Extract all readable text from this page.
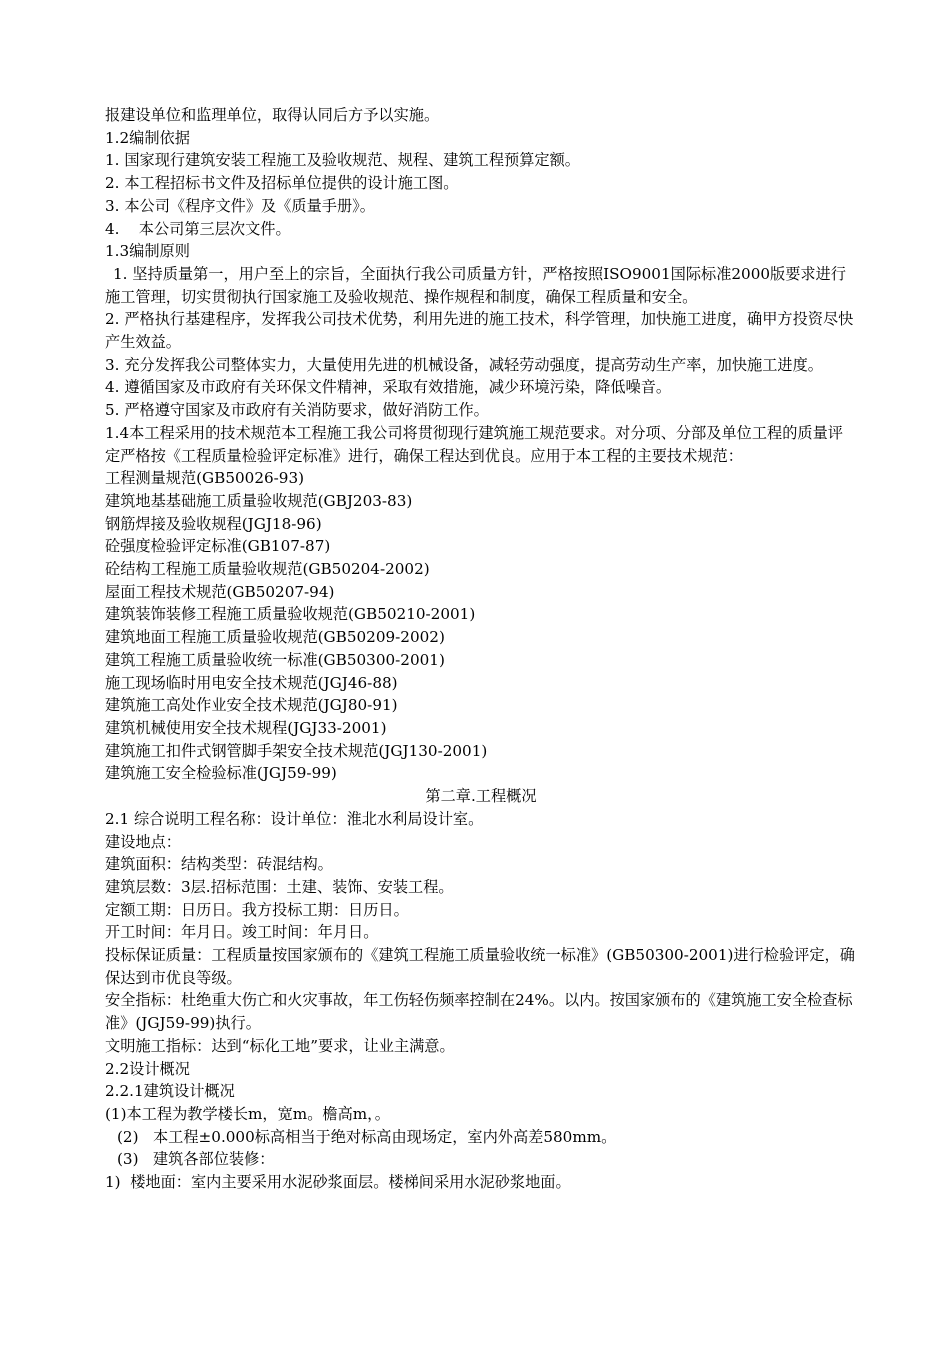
报建设单位和监理单位，取得认同后方予以实施。

1.2编制依据

1. 国家现行建筑安装工程施工及验收规范、规程、建筑工程预算定额。

2. 本工程招标书文件及招标单位提供的设计施工图。

3. 本公司《程序文件》及《质量手册》。

4.    本公司第三层次文件。

1.3编制原则

1. 坚持质量第一，用户至上的宗旨，全面执行我公司质量方针，严格按照ISO9001国际标准2000版要求进行施工管理，切实贯彻执行国家施工及验收规范、操作规程和制度，确保工程质量和安全。

2. 严格执行基建程序，发挥我公司技术优势，利用先进的施工技术，科学管理，加快施工进度，确甲方投资尽快产生效益。

3. 充分发挥我公司整体实力，大量使用先进的机械设备，减轻劳动强度，提高劳动生产率，加快施工进度。

4. 遵循国家及市政府有关环保文件精神，采取有效措施，减少环境污染，降低噪音。

5. 严格遵守国家及市政府有关消防要求，做好消防工作。

1.4本工程采用的技术规范本工程施工我公司将贯彻现行建筑施工规范要求。对分项、分部及单位工程的质量评定严格按《工程质量检验评定标准》进行，确保工程达到优良。应用于本工程的主要技术规范：

工程测量规范(GB50026-93)

建筑地基基础施工质量验收规范(GBJ203-83)

钢筋焊接及验收规程(JGJ18-96)

砼强度检验评定标准(GB107-87)

砼结构工程施工质量验收规范(GB50204-2002)

屋面工程技术规范(GB50207-94)

建筑装饰装修工程施工质量验收规范(GB50210-2001)

建筑地面工程施工质量验收规范(GB50209-2002)

建筑工程施工质量验收统一标准(GB50300-2001)

施工现场临时用电安全技术规范(JGJ46-88)

建筑施工高处作业安全技术规范(JGJ80-91)

建筑机械使用安全技术规程(JGJ33-2001)

建筑施工扣件式钢管脚手架安全技术规范(JGJ130-2001)

建筑施工安全检验标准(JGJ59-99)

第二章.工程概况

2.1 综合说明工程名称：设计单位：淮北水利局设计室。

建设地点：

建筑面积：结构类型：砖混结构。

建筑层数：3层.招标范围：土建、装饰、安装工程。

定额工期：日历日。我方投标工期：日历日。

开工时间：年月日。竣工时间：年月日。

投标保证质量：工程质量按国家颁布的《建筑工程施工质量验收统一标准》(GB50300-2001)进行检验评定，确保达到市优良等级。

安全指标：杜绝重大伤亡和火灾事故，年工伤轻伤频率控制在24%。以内。按国家颁布的《建筑施工安全检查标准》(JGJ59-99)执行。

文明施工指标：达到“标化工地”要求，让业主满意。

2.2设计概况

2.2.1建筑设计概况

(1)本工程为教学楼长m，宽m。檐高m，。

(2)   本工程±0.000标高相当于绝对标高由现场定，室内外高差580mm。

(3)   建筑各部位装修：

1)  楼地面：室内主要采用水泥砂浆面层。楼梯间采用水泥砂浆地面。
